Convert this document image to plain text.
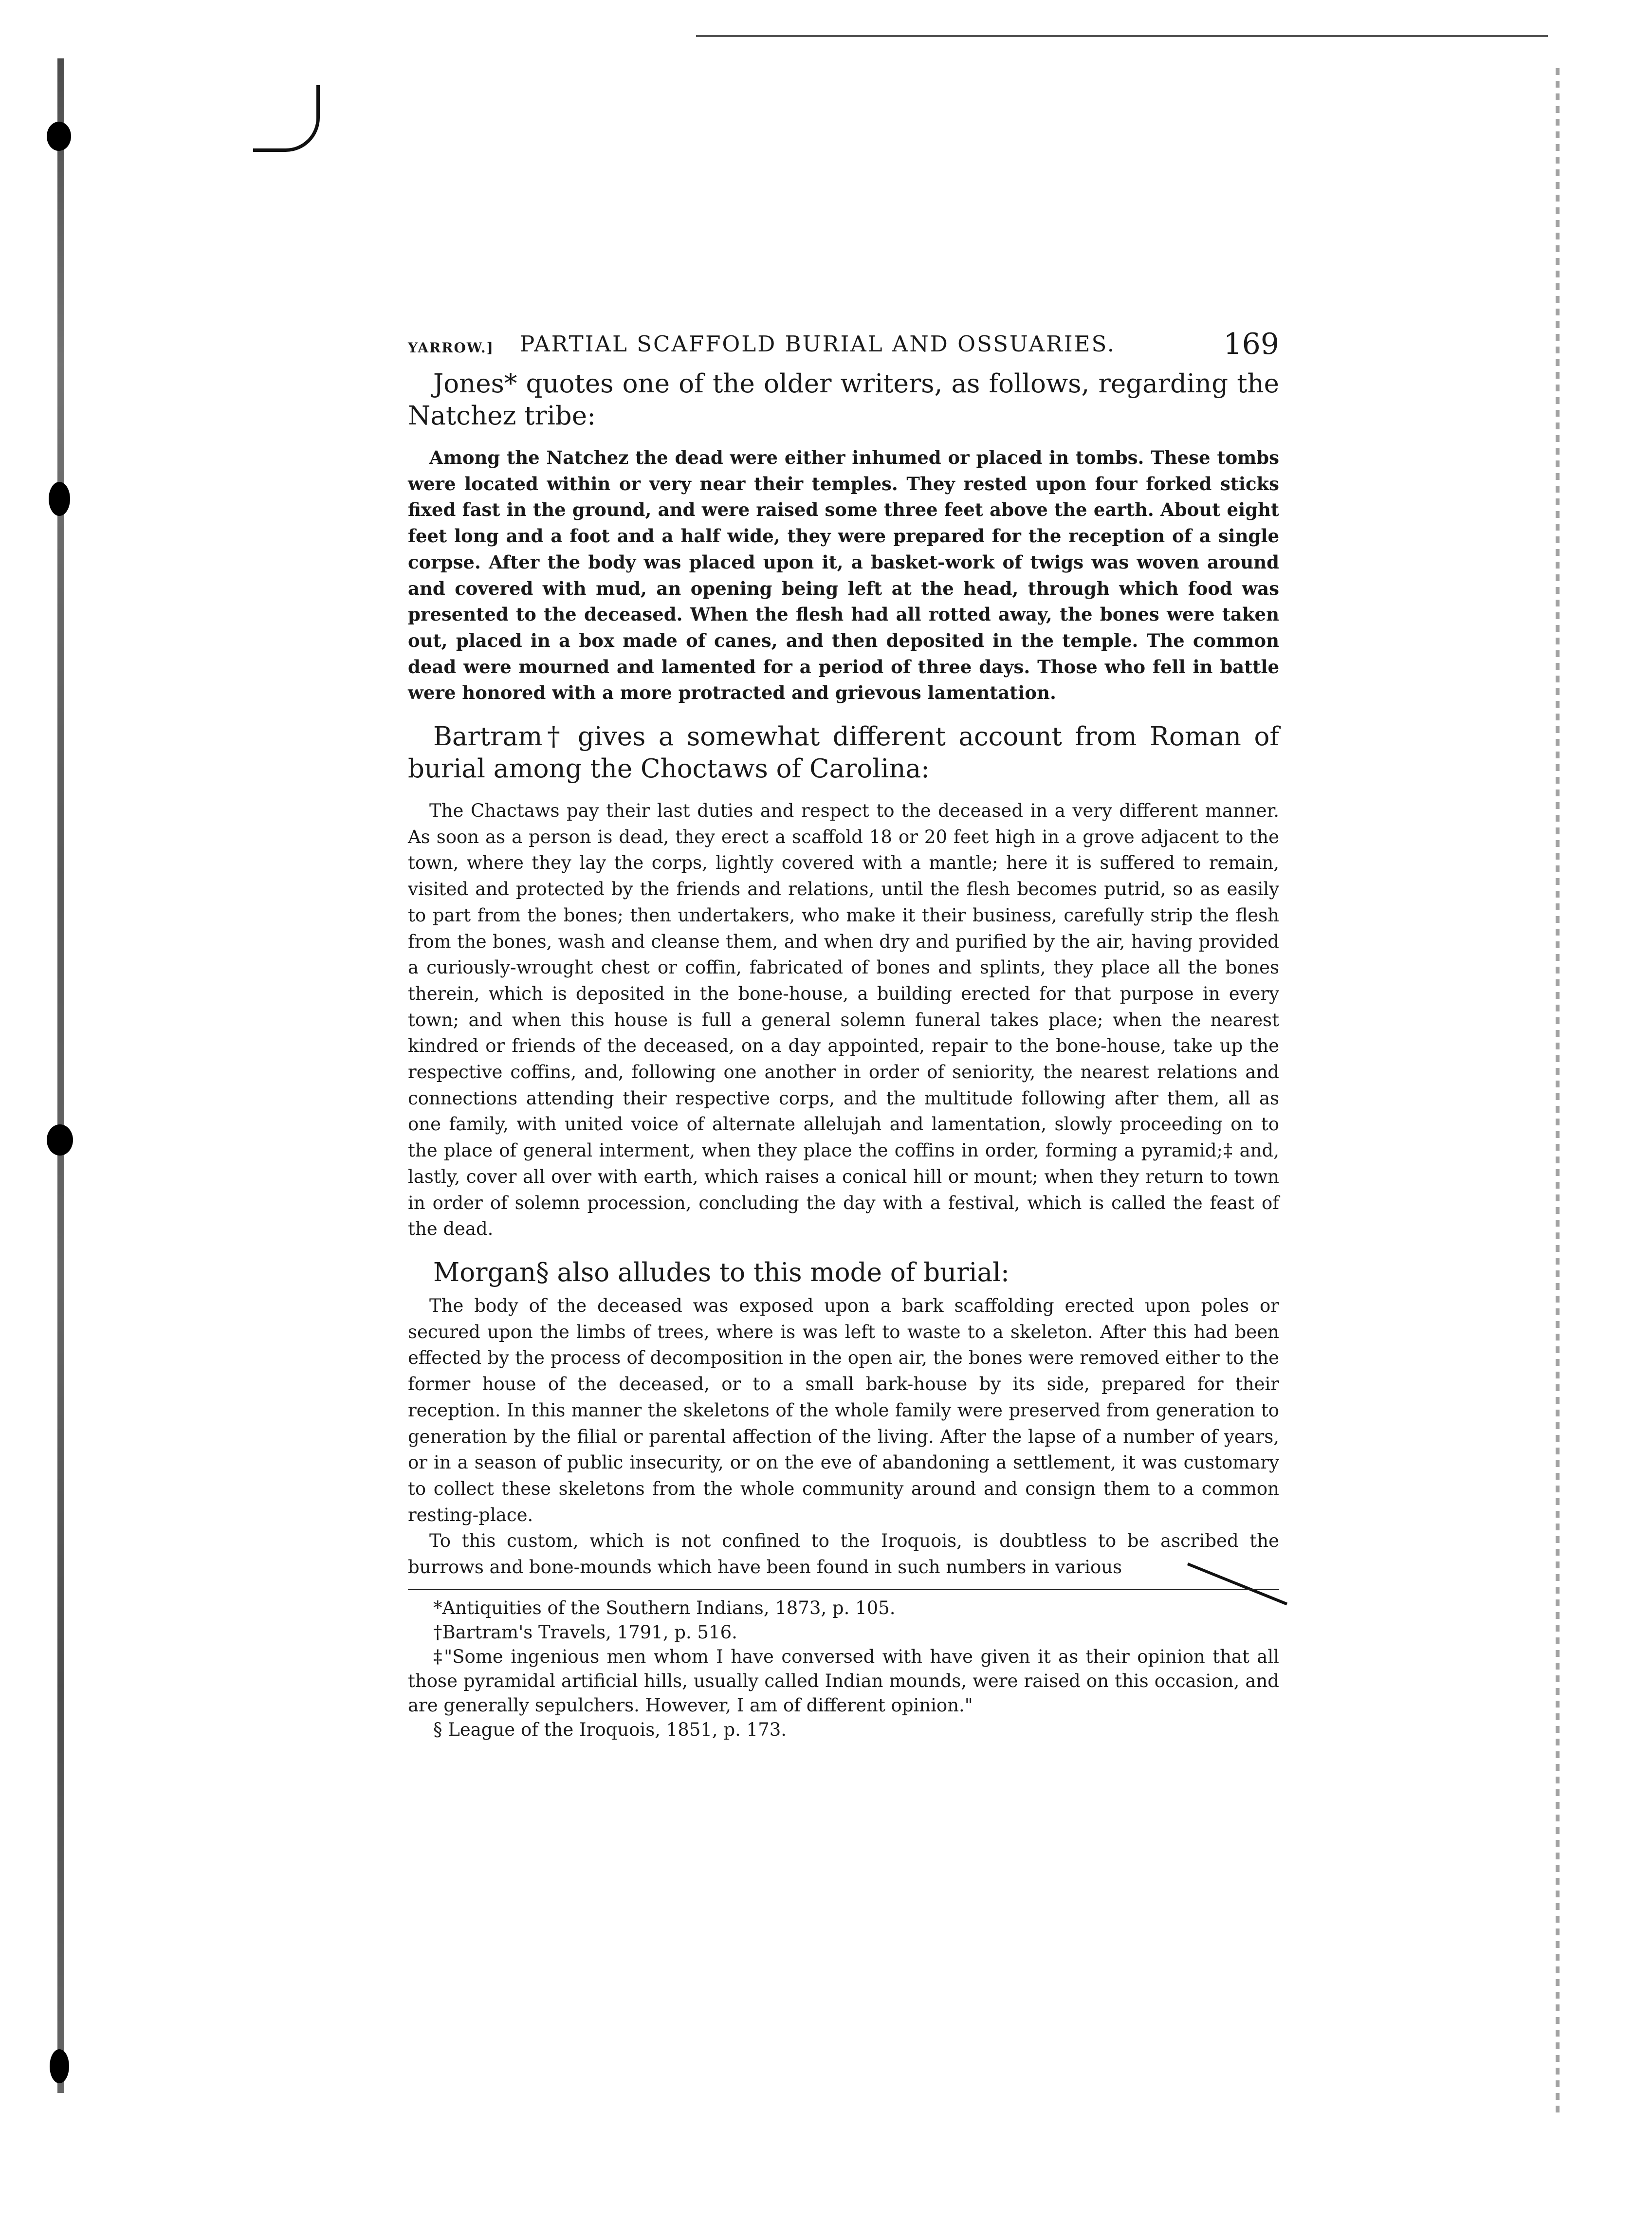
YARROW.] PARTIAL SCAFFOLD BURIAL AND OSSUARIES.	169

Jones* quotes one of the older writers, as follows, regarding the Natchez tribe:

Among the Natchez the dead were either inhumed or placed in tombs. These tombs were located within or very near their temples. They rested upon four forked sticks fixed fast in the ground, and were raised some three feet above the earth. About eight feet long and a foot and a half wide, they were prepared for the reception of a single corpse. After the body was placed upon it, a basket-work of twigs was woven around and covered with mud, an opening being left at the head, through which food was presented to the deceased. When the flesh had all rotted away, the bones were taken out, placed in a box made of canes, and then deposited in the temple. The common dead were mourned and lamented for a period of three days. Those who fell in battle were honored with a more protracted and grievous lamentation.

Bartram† gives a somewhat different account from Roman of burial among the Choctaws of Carolina:

The Chactaws pay their last duties and respect to the deceased in a very different manner. As soon as a person is dead, they erect a scaffold 18 or 20 feet high in a grove adjacent to the town, where they lay the corps, lightly covered with a mantle; here it is suffered to remain, visited and protected by the friends and relations, until the flesh becomes putrid, so as easily to part from the bones; then undertakers, who make it their business, carefully strip the flesh from the bones, wash and cleanse them, and when dry and purified by the air, having provided a curiously-wrought chest or coffin, fabricated of bones and splints, they place all the bones therein, which is deposited in the bone-house, a building erected for that purpose in every town; and when this house is full a general solemn funeral takes place; when the nearest kindred or friends of the deceased, on a day appointed, repair to the bone-house, take up the respective coffins, and, following one another in order of seniority, the nearest relations and connections attending their respective corps, and the multitude following after them, all as one family, with united voice of alternate allelujah and lamentation, slowly proceeding on to the place of general interment, when they place the coffins in order, forming a pyramid;‡ and, lastly, cover all over with earth, which raises a conical hill or mount; when they return to town in order of solemn procession, concluding the day with a festival, which is called the feast of the dead.

Morgan§ also alludes to this mode of burial:

The body of the deceased was exposed upon a bark scaffolding erected upon poles or secured upon the limbs of trees, where is was left to waste to a skeleton. After this had been effected by the process of decomposition in the open air, the bones were removed either to the former house of the deceased, or to a small bark-house by its side, prepared for their reception. In this manner the skeletons of the whole family were preserved from generation to generation by the filial or parental affection of the living. After the lapse of a number of years, or in a season of public insecurity, or on the eve of abandoning a settlement, it was customary to collect these skeletons from the whole community around and consign them to a common resting-place.

To this custom, which is not confined to the Iroquois, is doubtless to be ascribed the burrows and bone-mounds which have been found in such numbers in various

*Antiquities of the Southern Indians, 1873, p. 105.

†Bartram's Travels, 1791, p. 516.

‡"Some ingenious men whom I have conversed with have given it as their opinion that all those pyramidal artificial hills, usually called Indian mounds, were raised on this occasion, and are generally sepulchers. However, I am of different opinion."

§ League of the Iroquois, 1851, p. 173.
